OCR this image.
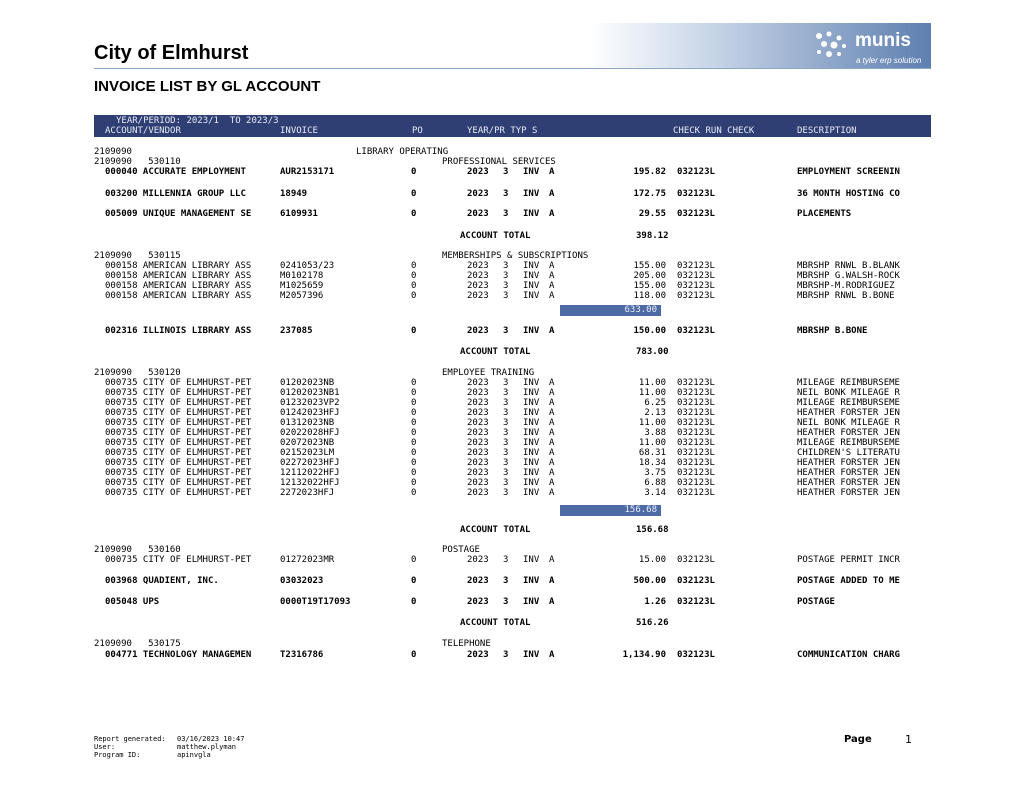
City of Elmhurst
munis
a tyler erp solution
INVOICE LIST BY GL ACCOUNT
YEAR/PERIOD: 2023/1  TO 2023/3
ACCOUNT/VENDOR	INVOICE	PO	YEAR/PR TYP S	CHECK RUN CHECK	DESCRIPTION
2109090	LIBRARY OPERATING
2109090   530110	PROFESSIONAL SERVICES
000040 ACCURATE EMPLOYMENT	AUR2153171	0	2023 3 INV A	195.82 032123L	EMPLOYMENT SCREENIN
003200 MILLENNIA GROUP LLC	18949	0	2023 3 INV A	172.75 032123L	36 MONTH HOSTING CO
005009 UNIQUE MANAGEMENT SE	6109931	0	2023 3 INV A	29.55 032123L	PLACEMENTS
ACCOUNT TOTAL	398.12
2109090   530115	MEMBERSHIPS & SUBSCRIPTIONS
000158 AMERICAN LIBRARY ASS	0241053/23	0	2023 3 INV A	155.00 032123L	MBRSHP RNWL B.BLANK
000158 AMERICAN LIBRARY ASS	M0102178	0	2023 3 INV A	205.00 032123L	MBRSHP G.WALSH-ROCK
000158 AMERICAN LIBRARY ASS	M1025659	0	2023 3 INV A	155.00 032123L	MBRSHP-M.RODRIGUEZ
000158 AMERICAN LIBRARY ASS	M2057396	0	2023 3 INV A	118.00 032123L	MBRSHP RNWL B.BONE
633.00
002316 ILLINOIS LIBRARY ASS	237085	0	2023 3 INV A	150.00 032123L	MBRSHP B.BONE
ACCOUNT TOTAL	783.00
2109090   530120	EMPLOYEE TRAINING
000735 CITY OF ELMHURST-PET	01202023NB	0	2023 3 INV A	11.00 032123L	MILEAGE REIMBURSEME
000735 CITY OF ELMHURST-PET	01202023NB1	0	2023 3 INV A	11.00 032123L	NEIL BONK MILEAGE R
000735 CITY OF ELMHURST-PET	01232023VP2	0	2023 3 INV A	6.25 032123L	MILEAGE REIMBURSEME
000735 CITY OF ELMHURST-PET	01242023HFJ	0	2023 3 INV A	2.13 032123L	HEATHER FORSTER JEN
000735 CITY OF ELMHURST-PET	01312023NB	0	2023 3 INV A	11.00 032123L	NEIL BONK MILEAGE R
000735 CITY OF ELMHURST-PET	02022028HFJ	0	2023 3 INV A	3.88 032123L	HEATHER FORSTER JEN
000735 CITY OF ELMHURST-PET	02072023NB	0	2023 3 INV A	11.00 032123L	MILEAGE REIMBURSEME
000735 CITY OF ELMHURST-PET	02152023LM	0	2023 3 INV A	68.31 032123L	CHILDREN'S LITERATU
000735 CITY OF ELMHURST-PET	02272023HFJ	0	2023 3 INV A	18.34 032123L	HEATHER FORSTER JEN
000735 CITY OF ELMHURST-PET	12112022HFJ	0	2023 3 INV A	3.75 032123L	HEATHER FORSTER JEN
000735 CITY OF ELMHURST-PET	12132022HFJ	0	2023 3 INV A	6.88 032123L	HEATHER FORSTER JEN
000735 CITY OF ELMHURST-PET	2272023HFJ	0	2023 3 INV A	3.14 032123L	HEATHER FORSTER JEN
156.68
ACCOUNT TOTAL	156.68
2109090   530160	POSTAGE
000735 CITY OF ELMHURST-PET	01272023MR	0	2023 3 INV A	15.00 032123L	POSTAGE PERMIT INCR
003968 QUADIENT, INC.	03032023	0	2023 3 INV A	500.00 032123L	POSTAGE ADDED TO ME
005048 UPS	0000T19T17093	0	2023 3 INV A	1.26 032123L	POSTAGE
ACCOUNT TOTAL	516.26
2109090   530175	TELEPHONE
004771 TECHNOLOGY MANAGEMEN	T2316786	0	2023 3 INV A	1,134.90 032123L	COMMUNICATION CHARG
Report generated:
User:
Program ID:
03/16/2023 10:47
matthew.plyman
apinvgla
Page	1
